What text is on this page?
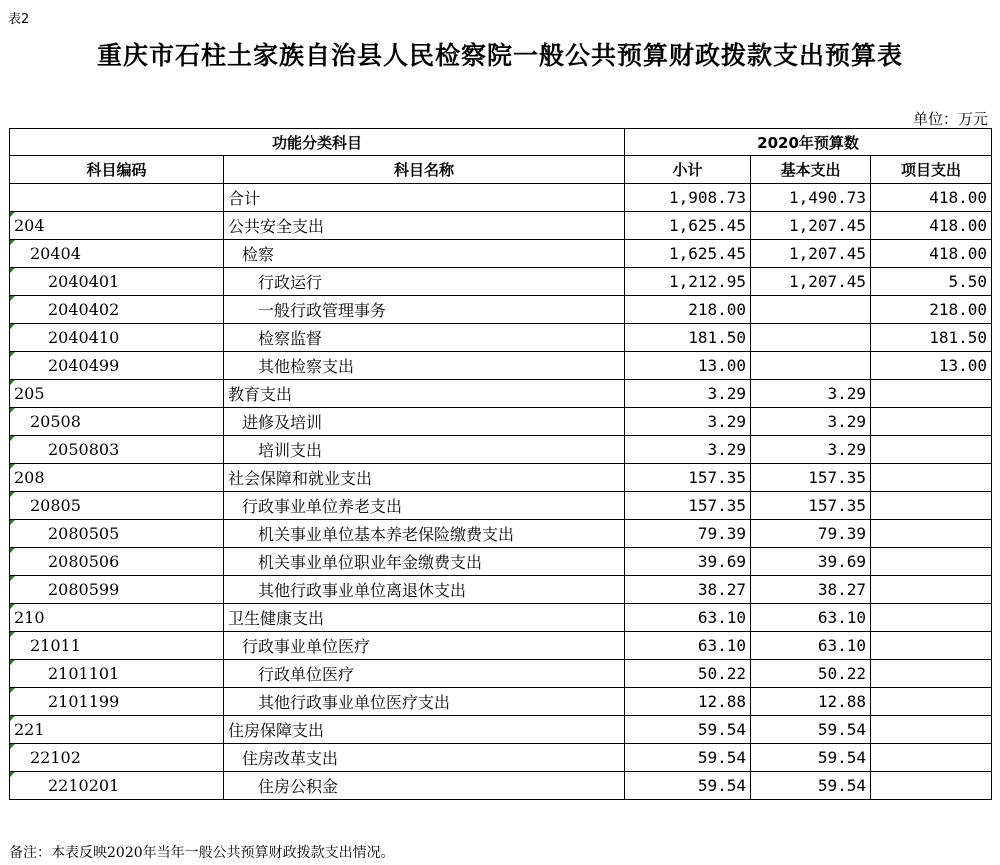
表2
重庆市石柱土家族自治县人民检察院一般公共预算财政拨款支出预算表
单位：万元
功能分类科目		2020年预算数		
科目编码	科目名称	小计	基本支出	项目支出
	合计	1,908.73	1,490.73	418.00
204	公共安全支出	1,625.45	1,207.45	418.00
20404	检察	1,625.45	1,207.45	418.00
2040401	行政运行	1,212.95	1,207.45	5.50
2040402	一般行政管理事务	218.00		218.00
2040410	检察监督	181.50		181.50
2040499	其他检察支出	13.00		13.00
205	教育支出	3.29	3.29	
20508	进修及培训	3.29	3.29	
2050803	培训支出	3.29	3.29	
208	社会保障和就业支出	157.35	157.35	
20805	行政事业单位养老支出	157.35	157.35	
2080505	机关事业单位基本养老保险缴费支出	79.39	79.39	
2080506	机关事业单位职业年金缴费支出	39.69	39.69	
2080599	其他行政事业单位离退休支出	38.27	38.27	
210	卫生健康支出	63.10	63.10	
21011	行政事业单位医疗	63.10	63.10	
2101101	行政单位医疗	50.22	50.22	
2101199	其他行政事业单位医疗支出	12.88	12.88	
221	住房保障支出	59.54	59.54	
22102	住房改革支出	59.54	59.54	
2210201	住房公积金	59.54	59.54	
备注：本表反映2020年当年一般公共预算财政拨款支出情况。
